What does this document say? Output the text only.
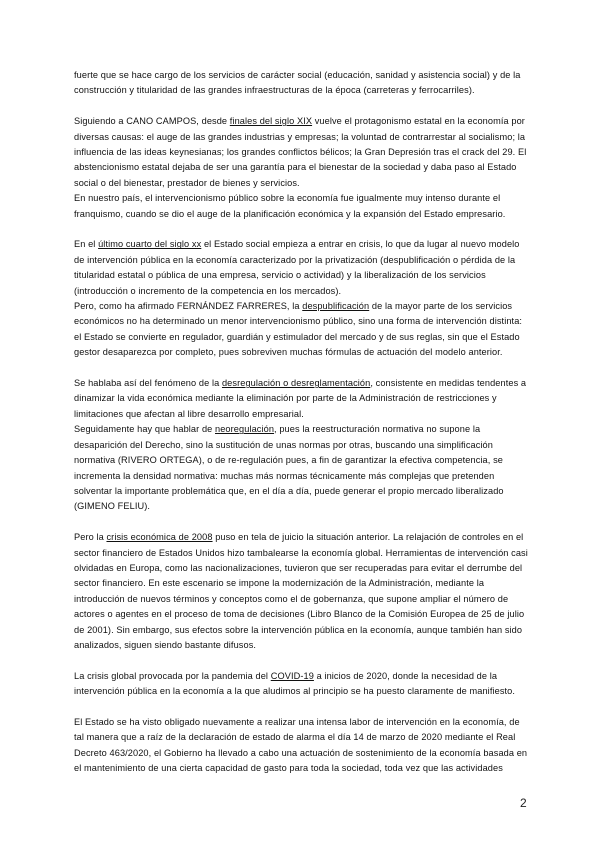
fuerte que se hace cargo de los servicios de carácter social (educación, sanidad y asistencia social) y de la construcción y titularidad de las grandes infraestructuras de la época (carreteras y ferrocarriles).

Siguiendo a CANO CAMPOS, desde finales del siglo XIX vuelve el protagonismo estatal en la economía por diversas causas: el auge de las grandes industrias y empresas; la voluntad de contrarrestar al socialismo; la influencia de las ideas keynesianas; los grandes conflictos bélicos; la Gran Depresión tras el crack del 29. El abstencionismo estatal dejaba de ser una garantía para el bienestar de la sociedad y daba paso al Estado social o del bienestar, prestador de bienes y servicios.

En nuestro país, el intervencionismo público sobre la economía fue igualmente muy intenso durante el franquismo, cuando se dio el auge de la planificación económica y la expansión del Estado empresario.

En el último cuarto del siglo xx el Estado social empieza a entrar en crisis, lo que da lugar al nuevo modelo de intervención pública en la economía caracterizado por la privatización (despublificación o pérdida de la titularidad estatal o pública de una empresa, servicio o actividad) y la liberalización de los servicios (introducción o incremento de la competencia en los mercados).

Pero, como ha afirmado FERNÁNDEZ FARRERES, la despublificación de la mayor parte de los servicios económicos no ha determinado un menor intervencionismo público, sino una forma de intervención distinta: el Estado se convierte en regulador, guardián y estimulador del mercado y de sus reglas, sin que el Estado gestor desaparezca por completo, pues sobreviven muchas fórmulas de actuación del modelo anterior.

Se hablaba así del fenómeno de la desregulación o desreglamentación, consistente en medidas tendentes a dinamizar la vida económica mediante la eliminación por parte de la Administración de restricciones y limitaciones que afectan al libre desarrollo empresarial.

Seguidamente hay que hablar de neoregulación, pues la reestructuración normativa no supone la desaparición del Derecho, sino la sustitución de unas normas por otras, buscando una simplificación normativa (RIVERO ORTEGA), o de re-regulación pues, a fin de garantizar la efectiva competencia, se incrementa la densidad normativa: muchas más normas técnicamente más complejas que pretenden solventar la importante problemática que, en el día a día, puede generar el propio mercado liberalizado (GIMENO FELIU).

Pero la crisis económica de 2008 puso en tela de juicio la situación anterior. La relajación de controles en el sector financiero de Estados Unidos hizo tambalearse la economía global. Herramientas de intervención casi olvidadas en Europa, como las nacionalizaciones, tuvieron que ser recuperadas para evitar el derrumbe del sector financiero. En este escenario se impone la modernización de la Administración, mediante la introducción de nuevos términos y conceptos como el de gobernanza, que supone ampliar el número de actores o agentes en el proceso de toma de decisiones (Libro Blanco de la Comisión Europea de 25 de julio de 2001). Sin embargo, sus efectos sobre la intervención pública en la economía, aunque también han sido analizados, siguen siendo bastante difusos.

La crisis global provocada por la pandemia del COVID-19 a inicios de 2020, donde la necesidad de la intervención pública en la economía a la que aludimos al principio se ha puesto claramente de manifiesto.

El Estado se ha visto obligado nuevamente a realizar una intensa labor de intervención en la economía, de tal manera que a raíz de la declaración de estado de alarma el día 14 de marzo de 2020 mediante el Real Decreto 463/2020, el Gobierno ha llevado a cabo una actuación de sostenimiento de la economía basada en el mantenimiento de una cierta capacidad de gasto para toda la sociedad, toda vez que las actividades

2
